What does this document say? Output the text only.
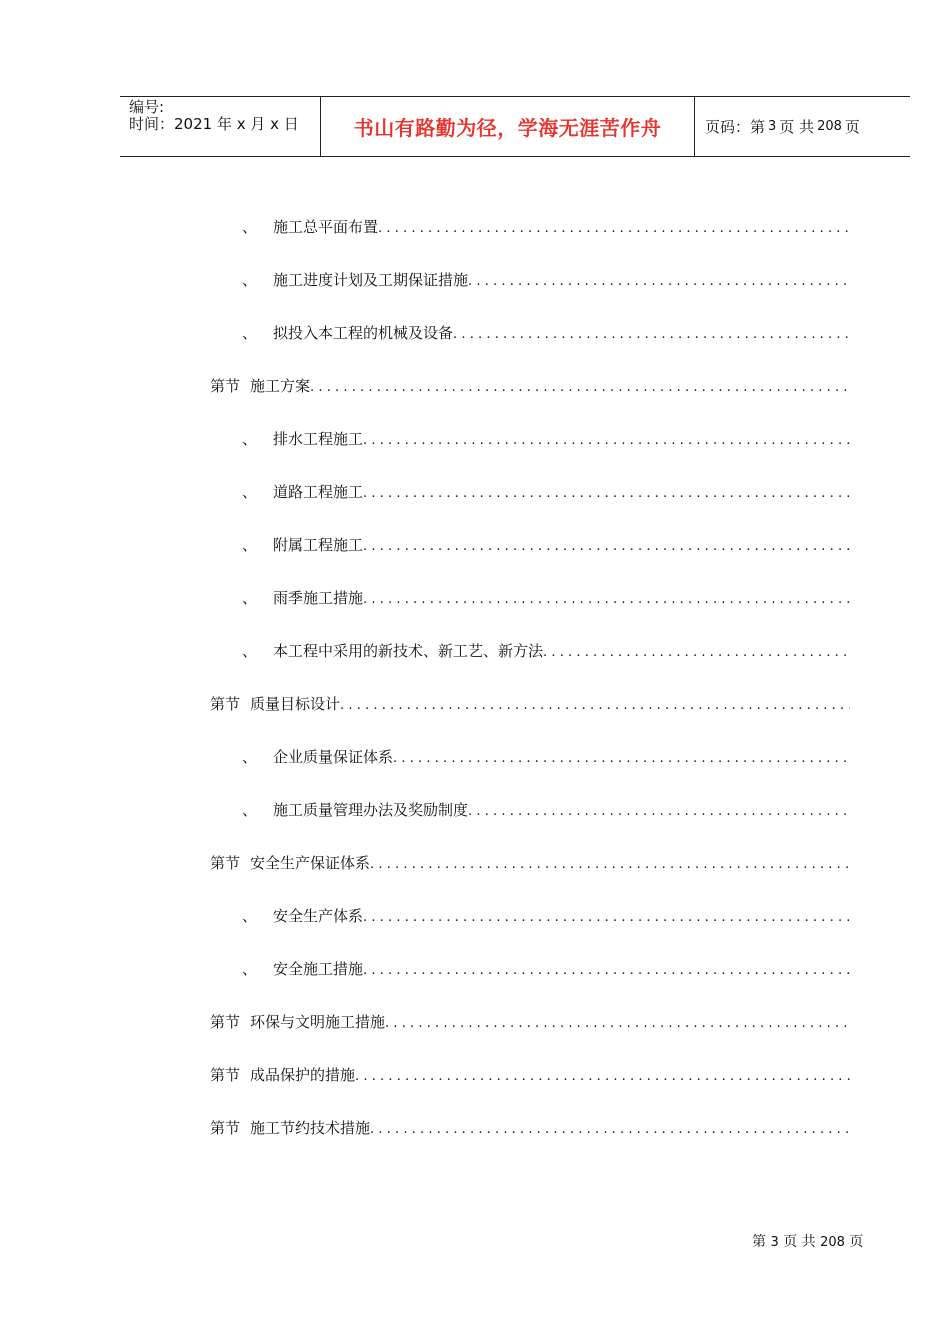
编号:
时间：2021 年 x 月 x 日	书山有路勤为径，学海无涯苦作舟	页码：第 3 页 共 208 页
、 施工总平面布置
.....
、 施工进度计划及工期保证措施
.....
、 拟投入本工程的机械及设备
.....
第节 施工方案
.....
、 排水工程施工
.....
、 道路工程施工
.....
、 附属工程施工
.....
、 雨季施工措施
.....
、 本工程中采用的新技术、新工艺、新方法
.....
第节 质量目标设计
.....
、 企业质量保证体系
.....
、 施工质量管理办法及奖励制度
.....
第节 安全生产保证体系
.....
、 安全生产体系
.....
、 安全施工措施
.....
第节 环保与文明施工措施
.....
第节 成品保护的措施
.....
第节 施工节约技术措施
.....
第 3 页 共 208 页
